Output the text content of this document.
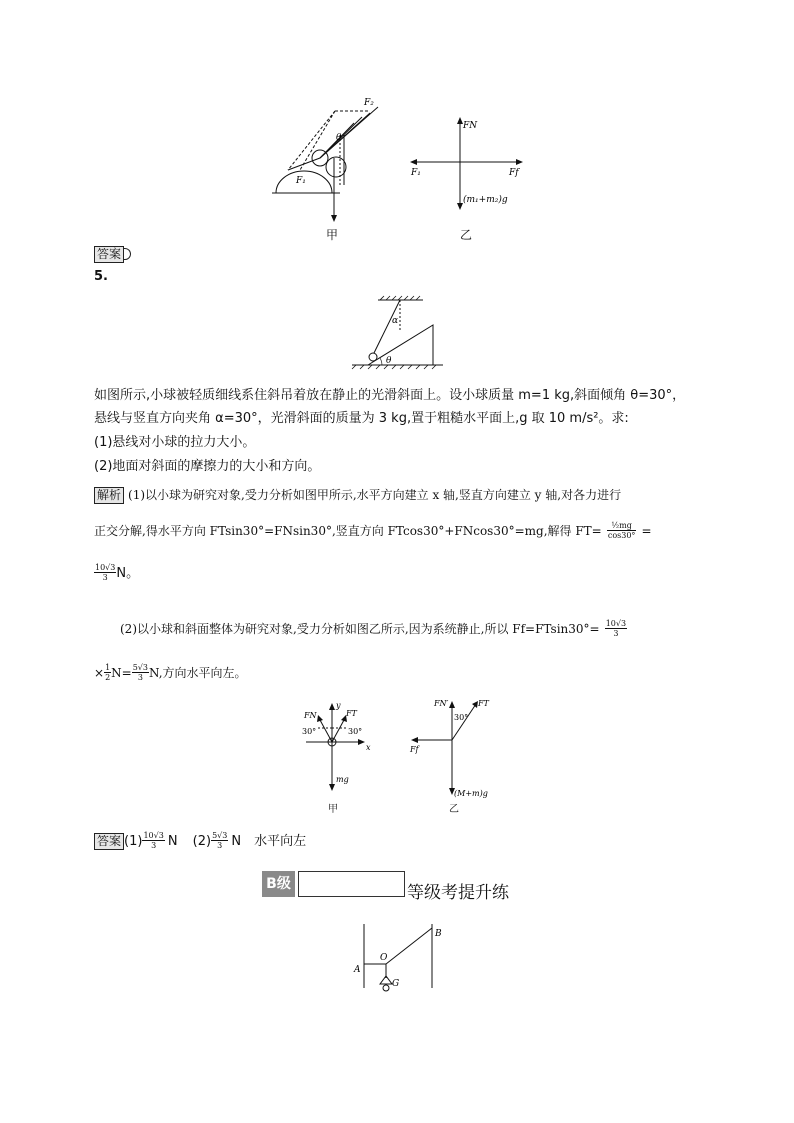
F₂
F₁
θ
甲
FN
F₁	Ff
(m₁+m₂)g
乙
答案
5.
α
θ
如图所示,小球被轻质细线系住斜吊着放在静止的光滑斜面上。设小球质量 m=1 kg,斜面倾角 θ=30°，
悬线与竖直方向夹角 α=30°，光滑斜面的质量为 3 kg,置于粗糙水平面上,g 取 10 m/s²。求:
(1)悬线对小球的拉力大小。
(2)地面对斜面的摩擦力的大小和方向。
解析 (1)以小球为研究对象,受力分析如图甲所示,水平方向建立 x 轴,竖直方向建立 y 轴,对各力进行
正交分解,得水平方向 FTsin30°=FNsin30°,竖直方向 FTcos30°+FNcos30°=mg,解得 $FT= \frac{\text{½mg}}{\cos 30^\circ}$ =
$\frac{10√3}{3}$ N。
(2)以小球和斜面整体为研究对象,受力分析如图乙所示,因为系统静止,所以 $Ff=FTsin30^\circ= \frac{10√3}{3}$
× $\frac{1}{2} N= \frac{5√3}{3} N$,方向水平向左。
FN	FT
y
x
30°	30°
mg
甲
FN′	FT
Ff
30°
(M+m)g
乙
答案 $(1) \frac{10√3}{3}$ N $(2) \frac{5√3}{3}$ N　水平向左
B级	等级考提升练
A
B
O
G
